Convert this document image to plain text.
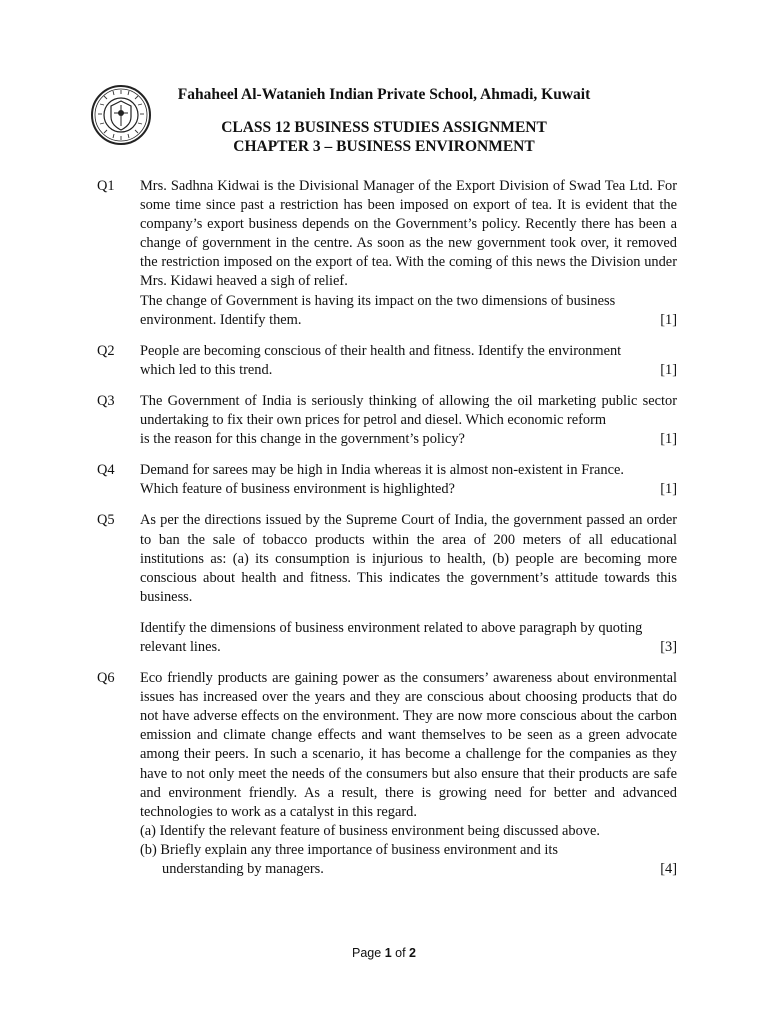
Fahaheel Al-Watanieh Indian Private School, Ahmadi, Kuwait
CLASS 12 BUSINESS STUDIES ASSIGNMENT
CHAPTER 3 – BUSINESS ENVIRONMENT
Q1	Mrs. Sadhna Kidwai is the Divisional Manager of the Export Division of Swad Tea Ltd. For some time since past a restriction has been imposed on export of tea. It is evident that the company’s export business depends on the Government’s policy. Recently there has been a change of government in the centre. As soon as the new government took over, it removed the restriction imposed on the export of tea. With the coming of this news the Division under Mrs. Kidawi heaved a sigh of relief.

The change of Government is having its impact on the two dimensions of business

environment. Identify them.	[1]
Q2	People are becoming conscious of their health and fitness. Identify the environment

which led to this trend.	[1]
Q3	The Government of India is seriously thinking of allowing the oil marketing public sector undertaking to fix their own prices for petrol and diesel. Which economic reform

is the reason for this change in the government’s policy?	[1]
Q4	Demand for sarees may be high in India whereas it is almost non-existent in France.

Which feature of business environment is highlighted?	[1]
Q5	As per the directions issued by the Supreme Court of India, the government passed an order to ban the sale of tobacco products within the area of 200 meters of all educational institutions as: (a) its consumption is injurious to health, (b) people are becoming more conscious about health and fitness. This indicates the government’s attitude towards this business.

Identify the dimensions of business environment related to above paragraph by quoting

relevant lines.	[3]
Q6	Eco friendly products are gaining power as the consumers’ awareness about environmental issues has increased over the years and they are conscious about choosing products that do not have adverse effects on the environment. They are now more conscious about the carbon emission and climate change effects and want themselves to be seen as a green advocate among their peers. In such a scenario, it has become a challenge for the companies as they have to not only meet the needs of the consumers but also ensure that their products are safe and environment friendly. As a result, there is growing need for better and advanced technologies to work as a catalyst in this regard.

(a) Identify the relevant feature of business environment being discussed above.

(b) Briefly explain any three importance of business environment and its

understanding by managers.	[4]
Page 1 of 2
